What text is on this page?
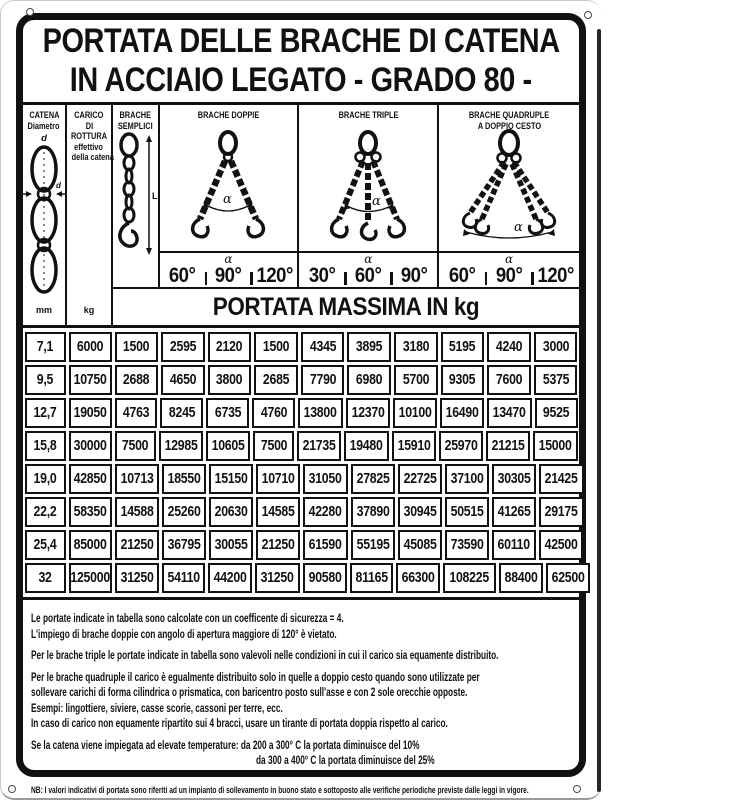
PORTATA DELLE BRACHE DI CATENA
IN ACCIAIO LEGATO - GRADO 80 -
CATENA
Diametro
d
d
mm
CARICO
DI
ROTTURA
effettivo
della catena
kg
BRACHE
SEMPLICI
L
BRACHE DOPPIE

α
BRACHE TRIPLE

α
BRACHE QUADRUPLE
A DOPPIO CESTO
α
α
60° 90° 120°
α
30° 60° 90°
α
60° 90° 120°
PORTATA MASSIMA IN kg
7,1 6000 1500 2595 2120 1500 4345 3895 3180 5195 4240 3000
9,5 10750 2688 4650 3800 2685 7790 6980 5700 9305 7600 5375
12,7 19050 4763 8245 6735 4760 13800 12370 10100 16490 13470 9525
15,8 30000 7500 12985 10605 7500 21735 19480 15910 25970 21215 15000
19,0 42850 10713 18550 15150 10710 31050 27825 22725 37100 30305 21425
22,2 58350 14588 25260 20630 14585 42280 37890 30945 50515 41265 29175
25,4 85000 21250 36795 30055 21250 61590 55195 45085 73590 60110 42500
32 125000 31250 54110 44200 31250 90580 81165 66300 108225 88400 62500
Le portate indicate in tabella sono calcolate con un coefficente di sicurezza = 4.
L'impiego di brache doppie con angolo di apertura maggiore di 120° è vietato.
Per le brache triple le portate indicate in tabella sono valevoli nelle condizioni in cui il carico sia equamente distribuito.
Per le brache quadruple il carico è egualmente distribuito solo in quelle a doppio cesto quando sono utilizzate per
sollevare carichi di forma cilindrica o prismatica, con baricentro posto sull'asse e con 2 sole orecchie opposte.
Esempi: lingottiere, siviere, casse scorie, cassoni per terre, ecc.
In caso di carico non equamente ripartito sui 4 bracci, usare un tirante di portata doppia rispetto al carico.
Se la catena viene impiegata ad elevate temperature: da 200 a 300° C la portata diminuisce del 10%
da 300 a 400° C la portata diminuisce del 25%
NB: I valori indicativi di portata sono riferiti ad un impianto di sollevamento in buono stato e sottoposto alle verifiche periodiche previste dalle leggi in vigore.
